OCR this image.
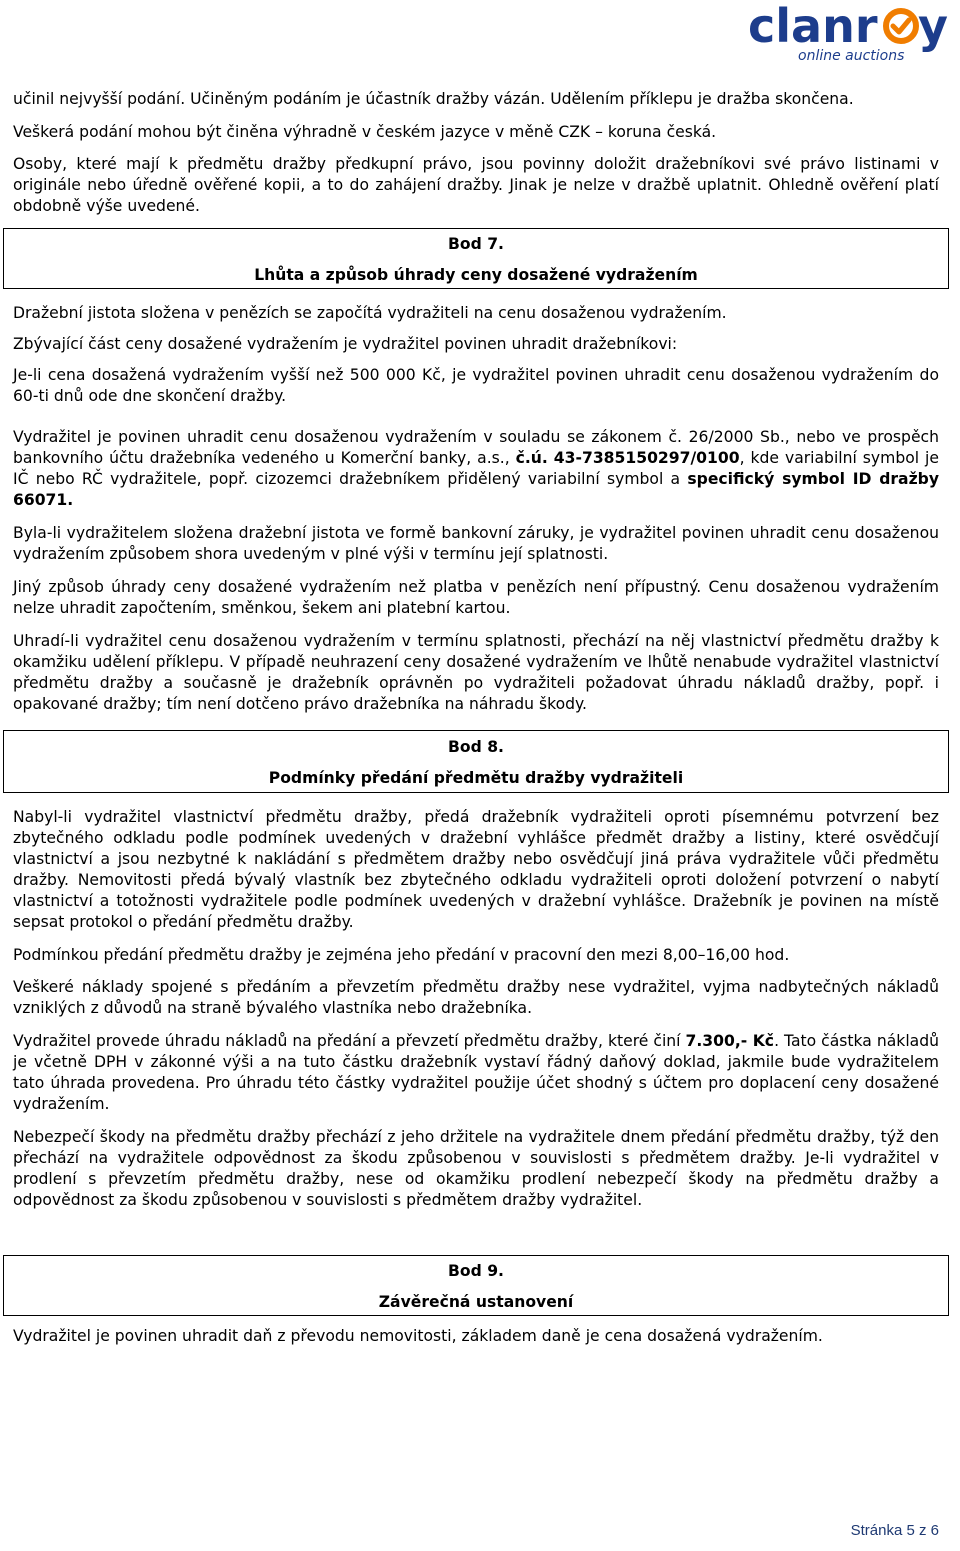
clanr y
online auctions

učinil nejvyšší podání. Učiněným podáním je účastník dražby vázán. Udělením příklepu je dražba skončena.

Veškerá podání mohou být činěna výhradně v českém jazyce v měně CZK – koruna česká.

Osoby, které mají k předmětu dražby předkupní právo, jsou povinny doložit dražebníkovi své právo listinami v originále nebo úředně ověřené kopii, a to do zahájení dražby. Jinak je nelze v dražbě uplatnit. Ohledně ověření platí obdobně výše uvedené.

Bod 7.
Lhůta a způsob úhrady ceny dosažené vydražením

Dražební jistota složena v penězích se započítá vydražiteli na cenu dosaženou vydražením.

Zbývající část ceny dosažené vydražením je vydražitel povinen uhradit dražebníkovi:

Je-li cena dosažená vydražením vyšší než 500 000 Kč, je vydražitel povinen uhradit cenu dosaženou vydražením do 60-ti dnů ode dne skončení dražby.

Vydražitel je povinen uhradit cenu dosaženou vydražením v souladu se zákonem č. 26/2000 Sb., nebo ve prospěch bankovního účtu dražebníka vedeného u Komerční banky, a.s., č.ú. 43-7385150297/0100, kde variabilní symbol je IČ nebo RČ vydražitele, popř. cizozemci dražebníkem přidělený variabilní symbol a specifický symbol ID dražby 66071.

Byla-li vydražitelem složena dražební jistota ve formě bankovní záruky, je vydražitel povinen uhradit cenu dosaženou vydražením způsobem shora uvedeným v plné výši v termínu její splatnosti.

Jiný způsob úhrady ceny dosažené vydražením než platba v penězích není přípustný. Cenu dosaženou vydražením nelze uhradit započtením, směnkou, šekem ani platební kartou.

Uhradí-li vydražitel cenu dosaženou vydražením v termínu splatnosti, přechází na něj vlastnictví předmětu dražby k okamžiku udělení příklepu. V případě neuhrazení ceny dosažené vydražením ve lhůtě nenabude vydražitel vlastnictví předmětu dražby a současně je dražebník oprávněn po vydražiteli požadovat úhradu nákladů dražby, popř. i opakované dražby; tím není dotčeno právo dražebníka na náhradu škody.

Bod 8.
Podmínky předání předmětu dražby vydražiteli

Nabyl-li vydražitel vlastnictví předmětu dražby, předá dražebník vydražiteli oproti písemnému potvrzení bez zbytečného odkladu podle podmínek uvedených v dražební vyhlášce předmět dražby a listiny, které osvědčují vlastnictví a jsou nezbytné k nakládání s předmětem dražby nebo osvědčují jiná práva vydražitele vůči předmětu dražby. Nemovitosti předá bývalý vlastník bez zbytečného odkladu vydražiteli oproti doložení potvrzení o nabytí vlastnictví a totožnosti vydražitele podle podmínek uvedených v dražební vyhlášce. Dražebník je povinen na místě sepsat protokol o předání předmětu dražby.

Podmínkou předání předmětu dražby je zejména jeho předání v pracovní den mezi 8,00–16,00 hod.

Veškeré náklady spojené s předáním a převzetím předmětu dražby nese vydražitel, vyjma nadbytečných nákladů vzniklých z důvodů na straně bývalého vlastníka nebo dražebníka.

Vydražitel provede úhradu nákladů na předání a převzetí předmětu dražby, které činí 7.300,- Kč. Tato částka nákladů je včetně DPH v zákonné výši a na tuto částku dražebník vystaví řádný daňový doklad, jakmile bude vydražitelem tato úhrada provedena. Pro úhradu této částky vydražitel použije účet shodný s účtem pro doplacení ceny dosažené vydražením.

Nebezpečí škody na předmětu dražby přechází z jeho držitele na vydražitele dnem předání předmětu dražby, týž den přechází na vydražitele odpovědnost za škodu způsobenou v souvislosti s předmětem dražby. Je-li vydražitel v prodlení s převzetím předmětu dražby, nese od okamžiku prodlení nebezpečí škody na předmětu dražby a odpovědnost za škodu způsobenou v souvislosti s předmětem dražby vydražitel.

Bod 9.
Závěrečná ustanovení

Vydražitel je povinen uhradit daň z převodu nemovitosti, základem daně je cena dosažená vydražením.

Stránka 5 z 6
